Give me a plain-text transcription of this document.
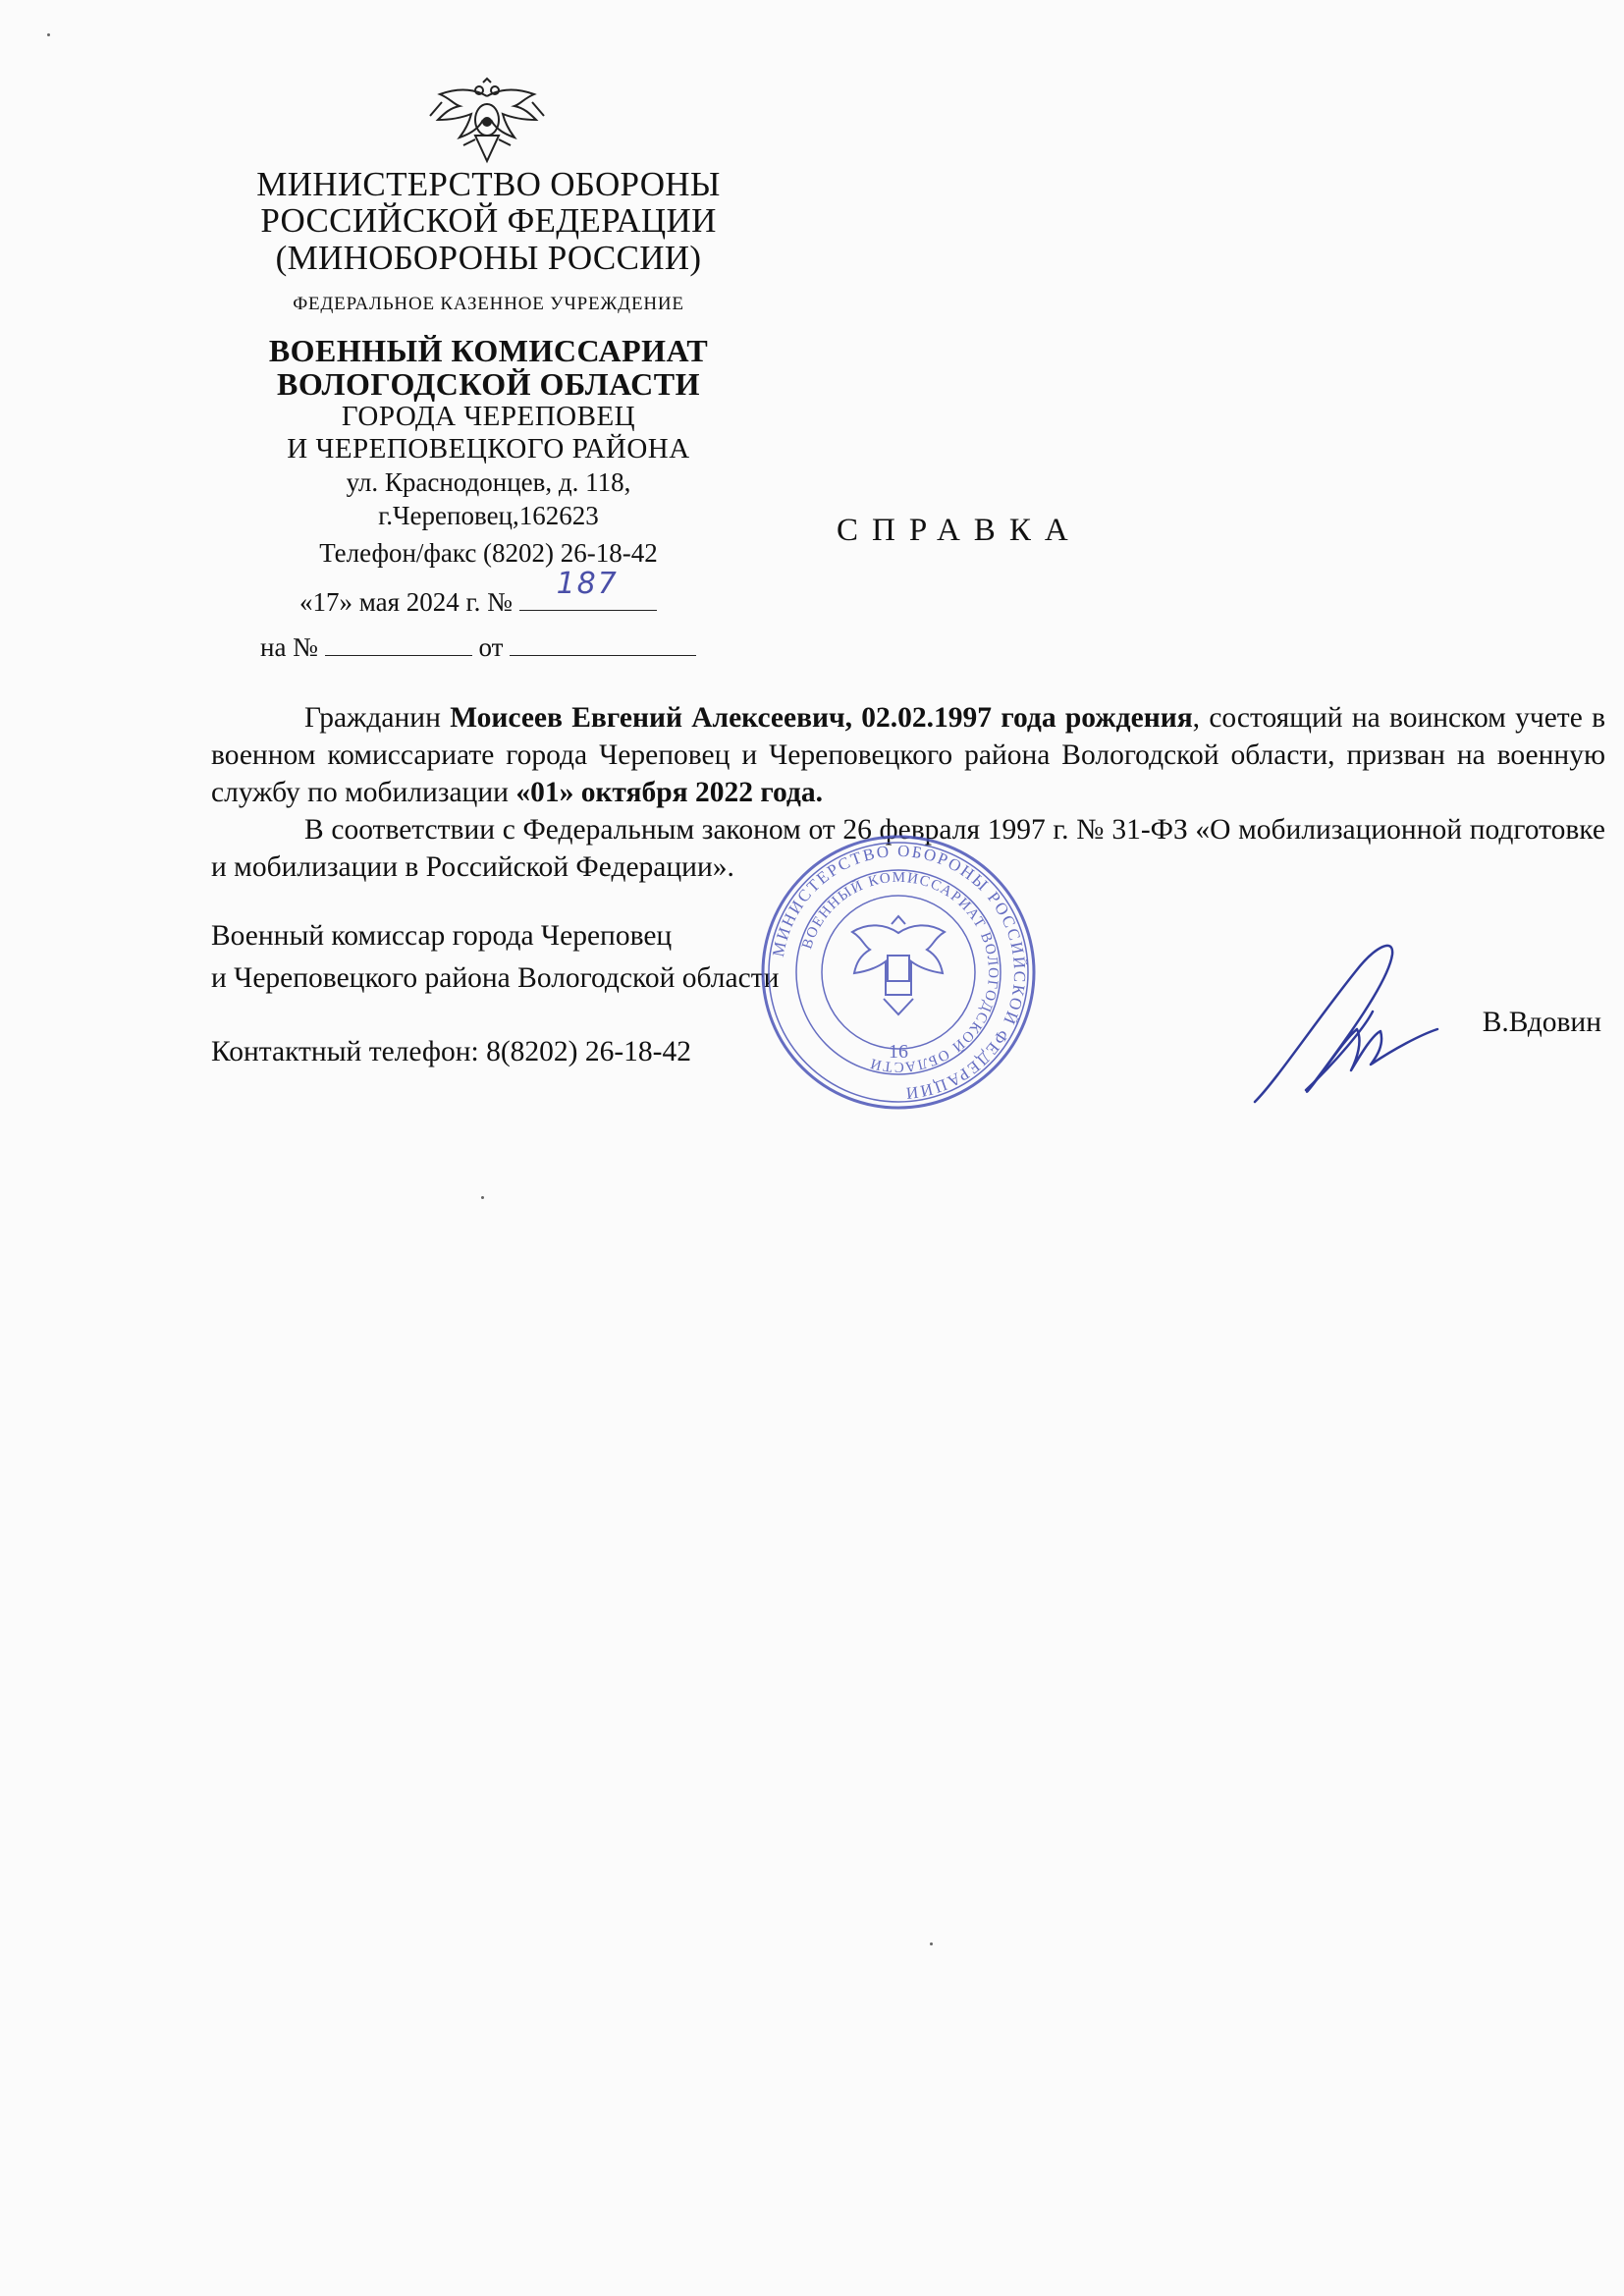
МИНИСТЕРСТВО ОБОРОНЫ
РОССИЙСКОЙ ФЕДЕРАЦИИ
(МИНОБОРОНЫ РОССИИ)
ФЕДЕРАЛЬНОЕ КАЗЕННОЕ УЧРЕЖДЕНИЕ
ВОЕННЫЙ КОМИССАРИАТ
ВОЛОГОДСКОЙ ОБЛАСТИ
ГОРОДА ЧЕРЕПОВЕЦ
И ЧЕРЕПОВЕЦКОГО РАЙОНА
ул. Краснодонцев, д. 118,
г.Череповец,162623
Телефон/факс (8202) 26-18-42
«17» мая 2024 г. №
187
на №	от
СПРАВКА

Гражданин Моисеев Евгений Алексеевич, 02.02.1997 года рождения, состоящий на воинском учете в военном комиссариате города Череповец и Череповецкого района Вологодской области, призван на военную службу по мобилизации «01» октября 2022 года.

В соответствии с Федеральным законом от 26 февраля 1997 г. № 31-ФЗ «О мобилизационной подготовке и мобилизации в Российской Федерации».

Военный комиссар города Череповец
и Череповецкого района Вологодской области
В.Вдовин
Контактный телефон: 8(8202) 26-18-42
МИНИСТЕРСТВО ОБОРОНЫ РОССИЙСКОЙ ФЕДЕРАЦИИ
ВОЕННЫЙ КОМИССАРИАТ ВОЛОГОДСКОЙ ОБЛАСТИ
16
